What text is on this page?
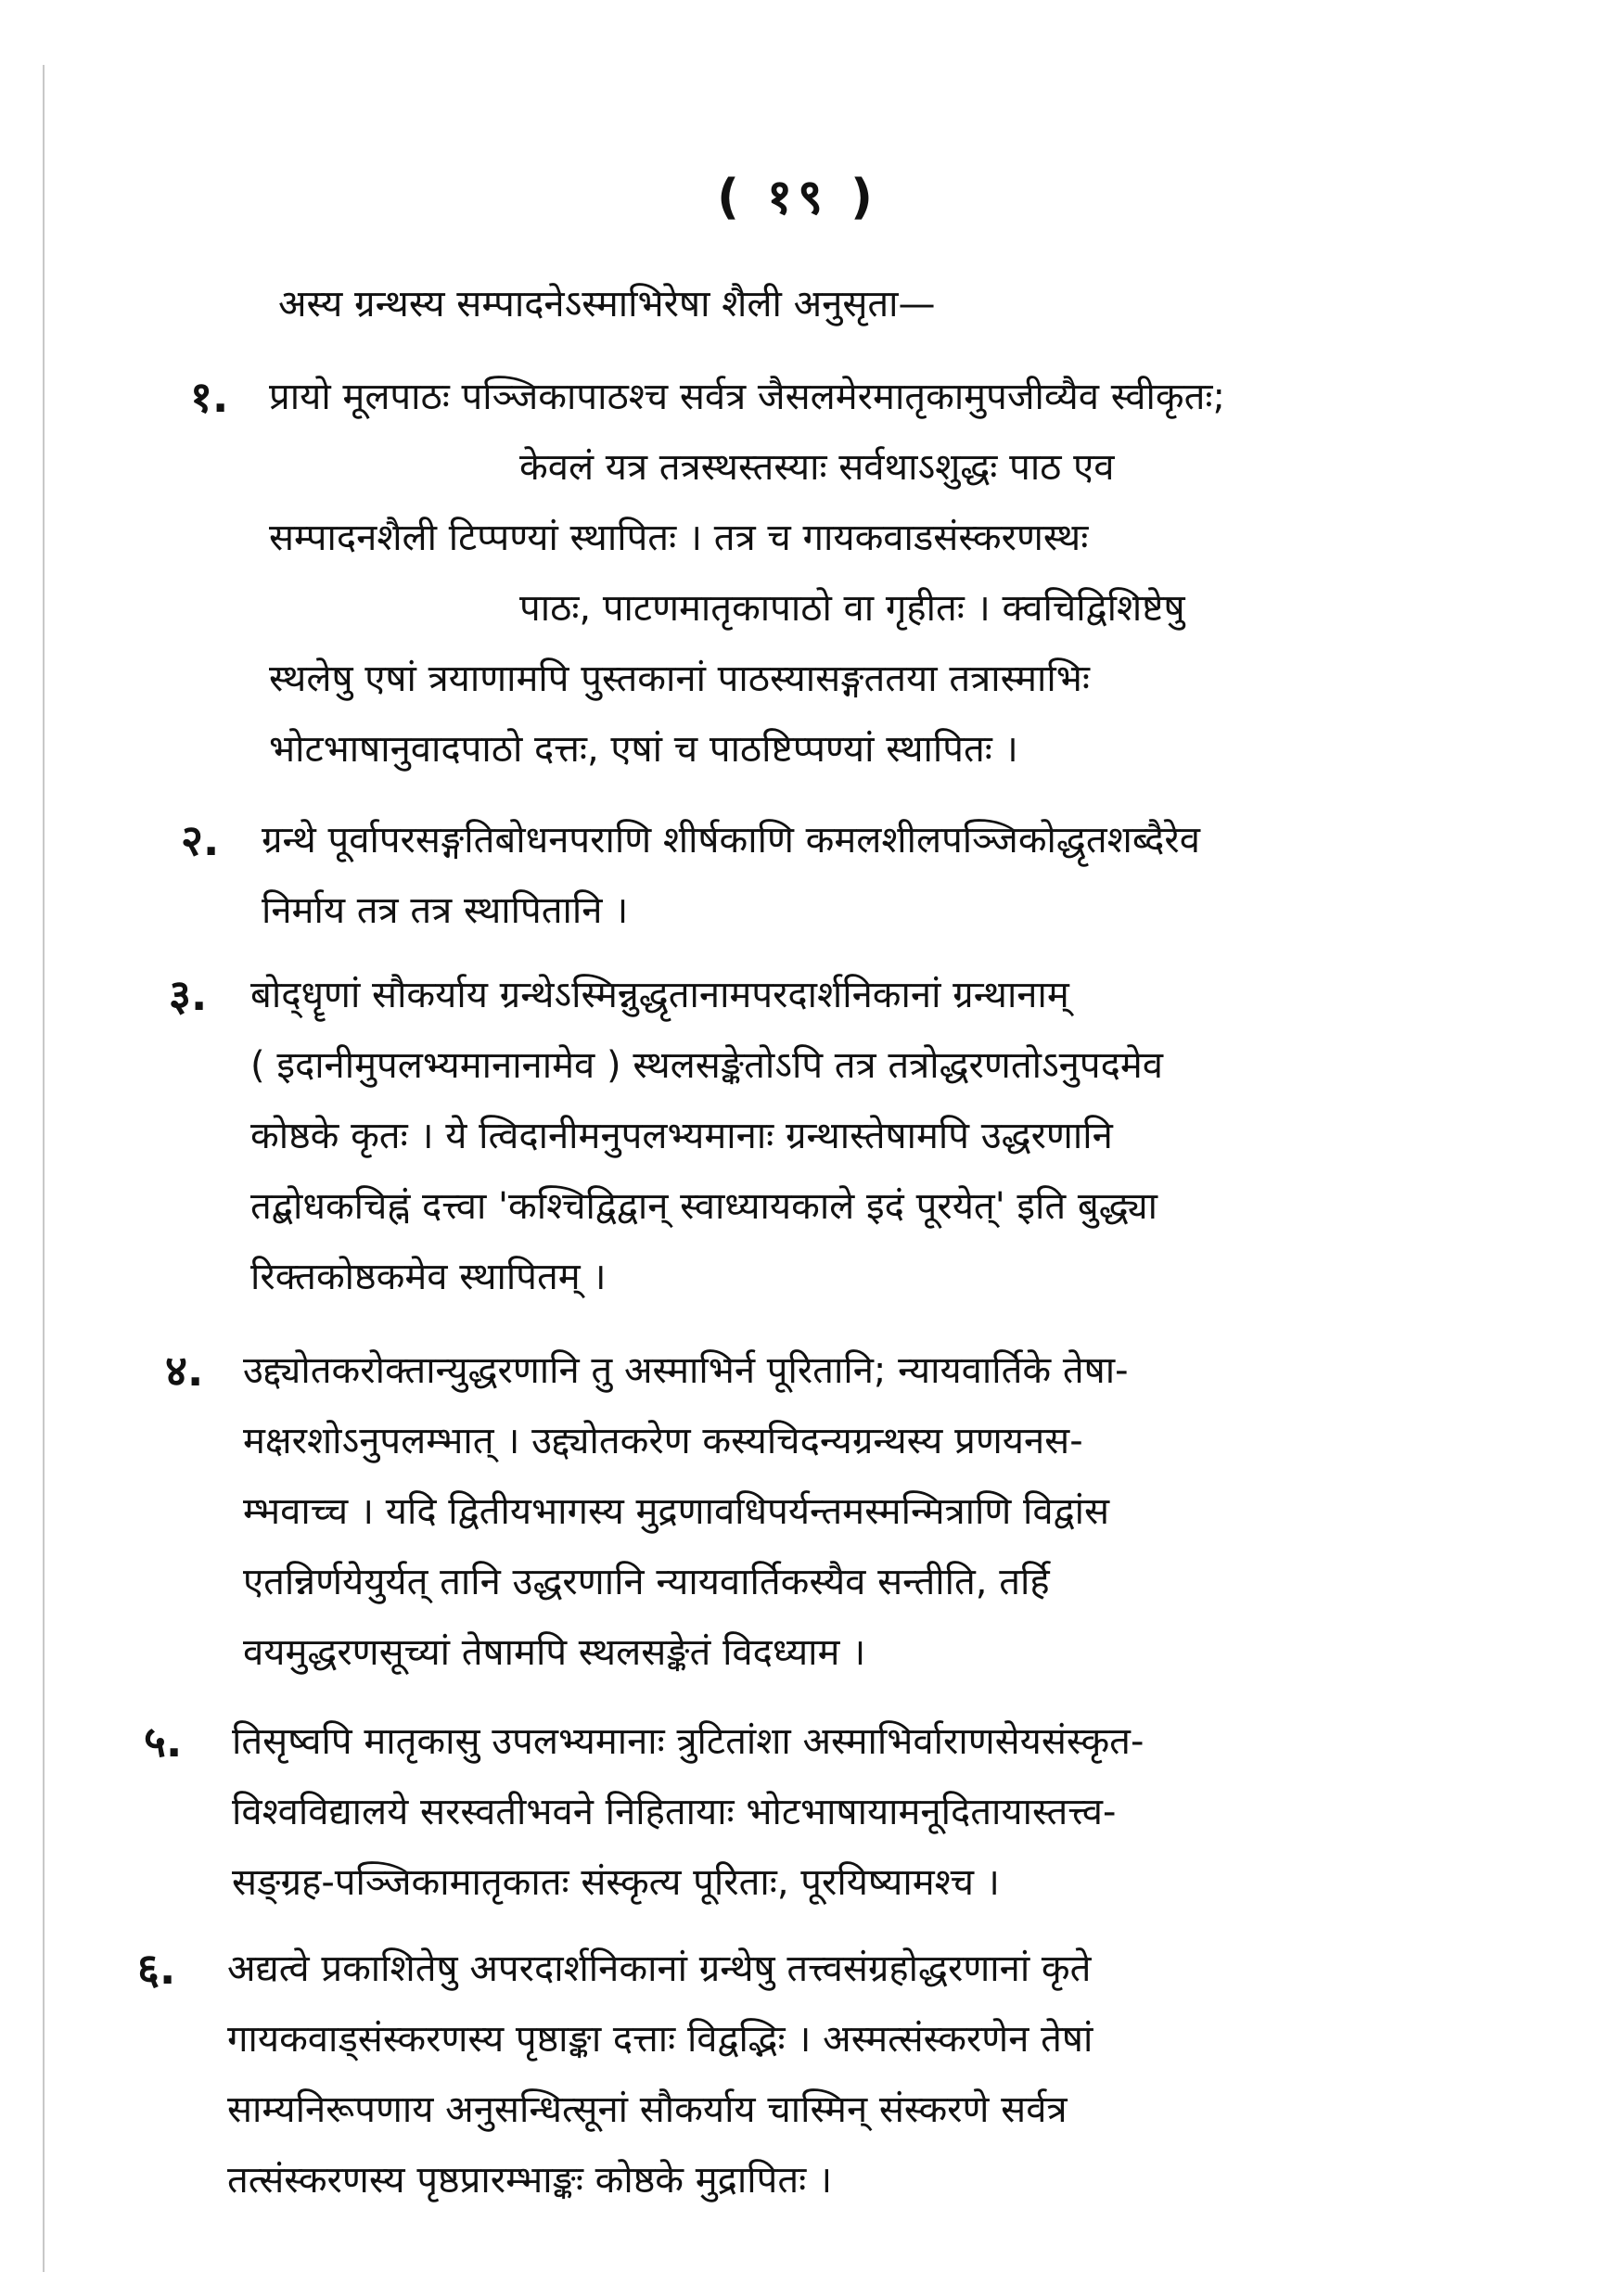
( १९ )
अस्य ग्रन्थस्य सम्पादनेऽस्माभिरेषा शैली अनुसृता—
१. प्रायो मूलपाठः पञ्जिकापाठश्च सर्वत्र जैसलमेरमातृकामुपजीव्यैव स्वीकृतः;
केवलं यत्र तत्रस्थस्तस्याः सर्वथाऽशुद्धः पाठ एव
सम्पादनशैली टिप्पण्यां स्थापितः । तत्र च गायकवाडसंस्करणस्थः
पाठः, पाटणमातृकापाठो वा गृहीतः । क्वचिद्विशिष्टेषु
स्थलेषु एषां त्रयाणामपि पुस्तकानां पाठस्यासङ्गततया तत्रास्माभिः
भोटभाषानुवादपाठो दत्तः, एषां च पाठष्टिप्पण्यां स्थापितः ।
२. ग्रन्थे पूर्वापरसङ्गतिबोधनपराणि शीर्षकाणि कमलशीलपञ्जिकोद्धृतशब्दैरेव
निर्माय तत्र तत्र स्थापितानि ।
३. बोद्धॄणां सौकर्याय ग्रन्थेऽस्मिन्नुद्धृतानामपरदार्शनिकानां ग्रन्थानाम्
( इदानीमुपलभ्यमानानामेव ) स्थलसङ्केतोऽपि तत्र तत्रोद्धरणतोऽनुपदमेव
कोष्ठके कृतः । ये त्विदानीमनुपलभ्यमानाः ग्रन्थास्तेषामपि उद्धरणानि
तद्बोधकचिह्नं दत्त्वा 'कश्चिद्विद्वान् स्वाध्यायकाले इदं पूरयेत्' इति बुद्ध्या
रिक्तकोष्ठकमेव स्थापितम् ।
४. उद्द्योतकरोक्तान्युद्धरणानि तु अस्माभिर्न पूरितानि; न्यायवार्तिके तेषा-
मक्षरशोऽनुपलम्भात् । उद्द्योतकरेण कस्यचिदन्यग्रन्थस्य प्रणयनस-
म्भवाच्च । यदि द्वितीयभागस्य मुद्रणावधिपर्यन्तमस्मन्मित्राणि विद्वांस
एतन्निर्णयेयुर्यत् तानि उद्धरणानि न्यायवार्तिकस्यैव सन्तीति, तर्हि
वयमुद्धरणसूच्यां तेषामपि स्थलसङ्केतं विदध्याम ।
५. तिसृष्वपि मातृकासु उपलभ्यमानाः त्रुटितांशा अस्माभिर्वाराणसेयसंस्कृत-
विश्वविद्यालये सरस्वतीभवने निहितायाः भोटभाषायामनूदितायास्तत्त्व-
सङ्ग्रह-पञ्जिकामातृकातः संस्कृत्य पूरिताः, पूरयिष्यामश्च ।
६. अद्यत्वे प्रकाशितेषु अपरदार्शनिकानां ग्रन्थेषु तत्त्वसंग्रहोद्धरणानां कृते
गायकवाड्संस्करणस्य पृष्ठाङ्का दत्ताः विद्वद्भिः । अस्मत्संस्करणेन तेषां
साम्यनिरूपणाय अनुसन्धित्सूनां सौकर्याय चास्मिन् संस्करणे सर्वत्र
तत्संस्करणस्य पृष्ठप्रारम्भाङ्कः कोष्ठके मुद्रापितः ।
